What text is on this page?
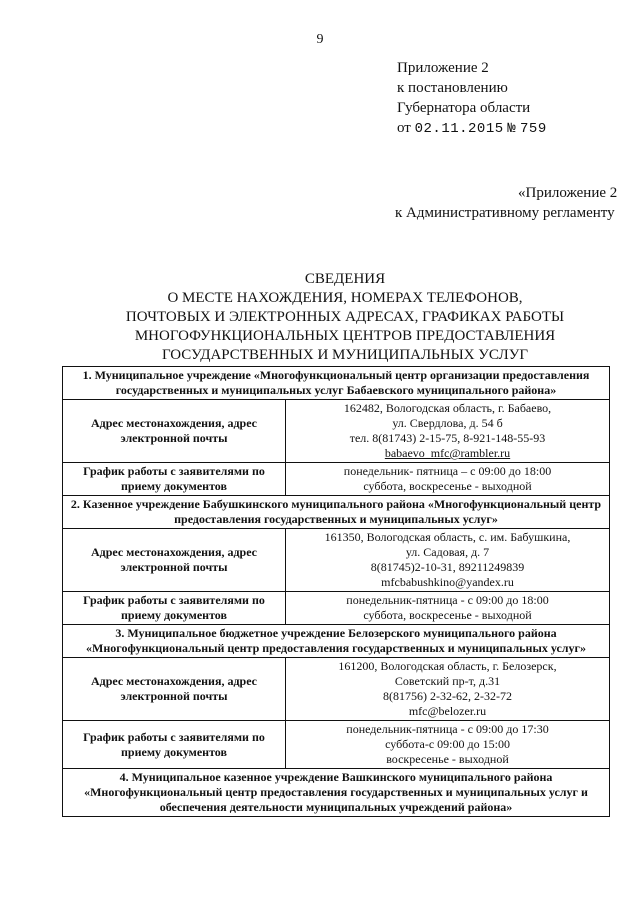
9
Приложение 2
к постановлению
Губернатора области
от 02.11.2015 № 759
«Приложение 2
к Административному регламенту
СВЕДЕНИЯ
О МЕСТЕ НАХОЖДЕНИЯ, НОМЕРАХ ТЕЛЕФОНОВ,
ПОЧТОВЫХ И ЭЛЕКТРОННЫХ АДРЕСАХ, ГРАФИКАХ РАБОТЫ
МНОГОФУНКЦИОНАЛЬНЫХ ЦЕНТРОВ ПРЕДОСТАВЛЕНИЯ
ГОСУДАРСТВЕННЫХ И МУНИЦИПАЛЬНЫХ УСЛУГ
1. Муниципальное учреждение «Многофункциональный центр организации предоставления государственных и муниципальных услуг Бабаевского муниципального района»	
Адрес местонахождения, адрес электронной почты	162482, Вологодская область, г. Бабаево,
ул. Свердлова, д. 54 б
тел. 8(81743) 2-15-75, 8-921-148-55-93
babaevo_mfc@rambler.ru

График работы с заявителями по приему документов	понедельник- пятница – с 09:00 до 18:00
суббота, воскресенье - выходной

2. Казенное учреждение Бабушкинского муниципального района «Многофункциональный центр предоставления государственных и муниципальных услуг»	
Адрес местонахождения, адрес электронной почты	161350, Вологодская область, с. им. Бабушкина,
ул. Садовая, д. 7
8(81745)2-10-31, 89211249839
mfcbabushkino@yandex.ru

График работы с заявителями по приему документов	понедельник-пятница - с 09:00 до 18:00
суббота, воскресенье - выходной

3. Муниципальное бюджетное учреждение Белозерского муниципального района «Многофункциональный центр предоставления государственных и муниципальных услуг»	
Адрес местонахождения, адрес электронной почты	161200, Вологодская область, г. Белозерск,
Советский пр-т, д.31
8(81756) 2-32-62, 2-32-72
mfc@belozer.ru

График работы с заявителями по приему документов	понедельник-пятница - с 09:00 до 17:30
суббота-с 09:00 до 15:00
воскресенье - выходной

4. Муниципальное казенное учреждение Вашкинского муниципального района «Многофункциональный центр предоставления государственных и муниципальных услуг и обеспечения деятельности муниципальных учреждений района»	
